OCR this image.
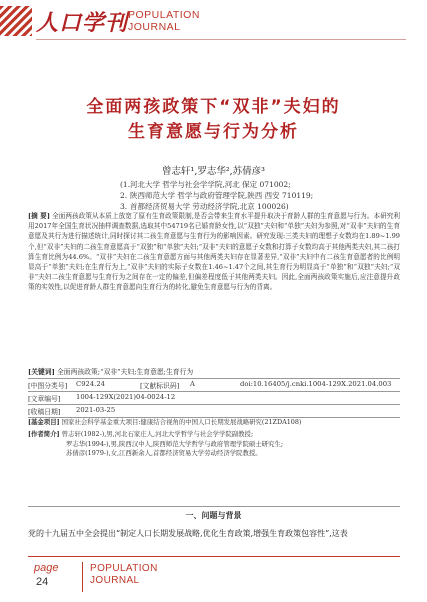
人口学刊 POPULATION
JOURNAL
全面两孩政策下“双非”夫妇的
生育意愿与行为分析
曾志轩¹,罗志华²,苏倩彦³
(1.河北大学 哲学与社会学学院,河北 保定 071002;
2. 陕西师范大学 哲学与政府管理学院,陕西 西安 710119;
3. 首都经济贸易大学 劳动经济学院,北京 100026)
[摘 要] 全面两孩政策从本质上放宽了原有生育政策限制,是否会带来生育水平提升取决于育龄人群的生育意愿与行为。本研究利用2017年全国生育状况抽样调查数据,选取其中54719名已婚育龄女性,以“双独”夫妇和“单独”夫妇为参照,对“双非”夫妇的生育意愿及其行为进行描述统计,同时探讨其二孩生育意愿与生育行为的影响因素。研究发现:三类夫妇的理想子女数均在1.89~1.99个,但“双非”夫妇的二孩生育意愿高于“双独”和“单独”夫妇;“双非”夫妇的意愿子女数和打算子女数均高于其他两类夫妇,其二孩打算生育比例为44.6%。“双非”夫妇在二孩生育意愿方面与其他两类夫妇存在显著差异,“双非”夫妇中有二孩生育意愿者的比例明显高于“单独”夫妇;在生育行为上,“双非”夫妇的实际子女数在1.46~1.47个之间,其生育行为明显高于“单独”和“双独”夫妇;“双非”夫妇二孩生育意愿与生育行为之间存在一定的偏差,但偏差程度低于其他两类夫妇。因此,全面两孩政策实施后,应注意提升政策的实效性,以促进育龄人群生育意愿向生育行为的转化,避免生育意愿与行为的背离。
[关键词] 全面两孩政策;“双非”夫妇;生育意愿;生育行为
[中图分类号] C924.24	[文献标识码] A	doi:10.16405/j.cnki.1004-129X.2021.04.003
[文章编号] 1004-129X(2021)04-0024-12
[收稿日期] 2021-03-25
[基金项目] 国家社会科学基金重大项目:健康结合视角的中国人口长期发展战略研究(21ZDA108)
[作者简介] 曾志轩(1982-),男,河北石家庄人,河北大学哲学与社会学学院副教授;
罗志华(1994-),男,陕西汉中人,陕西师范大学哲学与政府管理学院硕士研究生;
苏倩彦(1979-),女,江西新余人,首都经济贸易大学劳动经济学院教授。
一、问题与背景
党的十九届五中全会提出“制定人口长期发展战略,优化生育政策,增强生育政策包容性”,这表
page
24
POPULATION
JOURNAL
